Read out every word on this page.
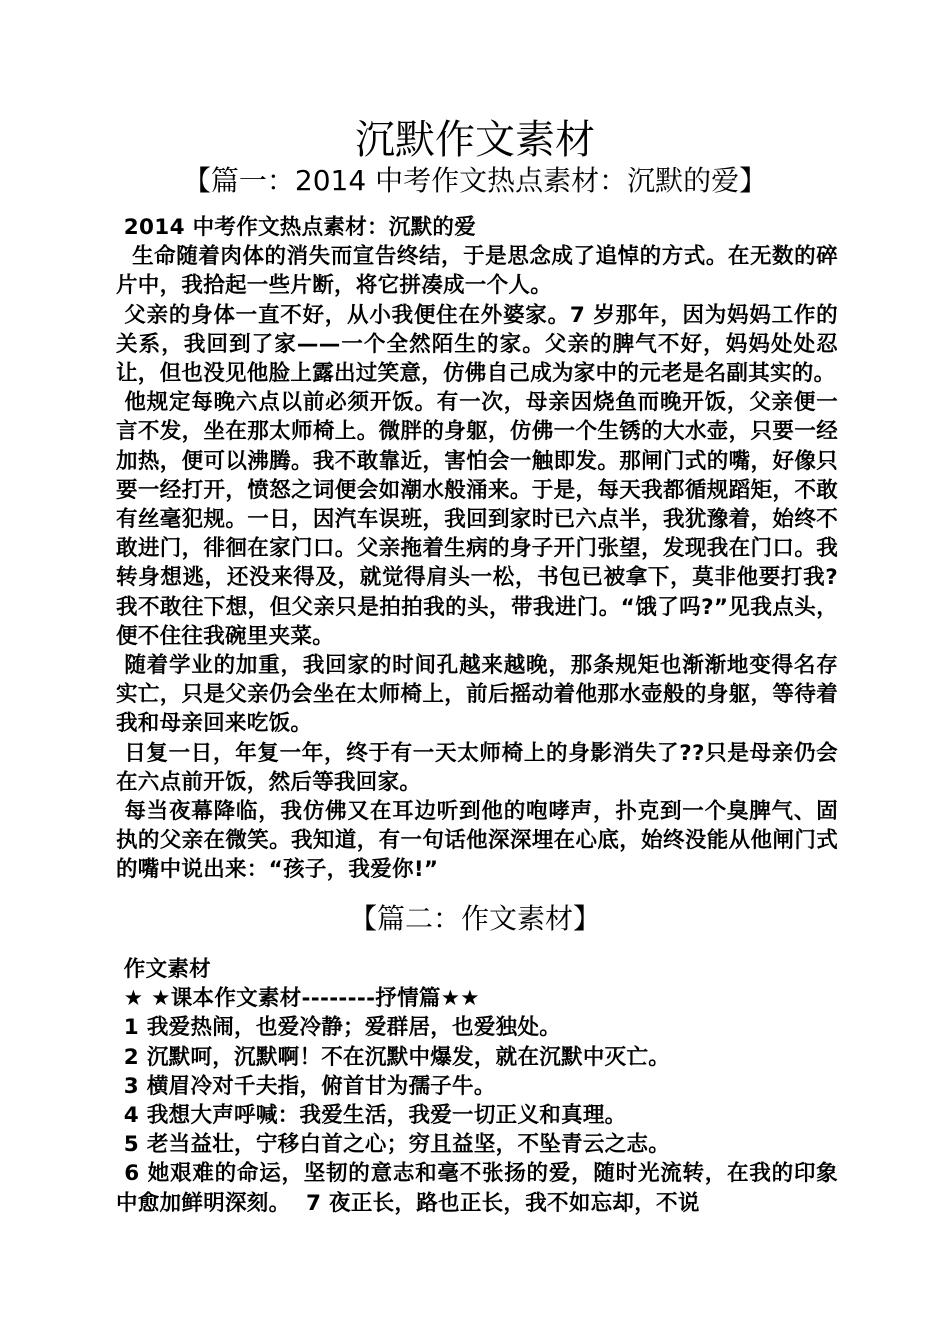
沉默作文素材
【篇一：2014 中考作文热点素材：沉默的爱】
2014 中考作文热点素材：沉默的爱
生命随着肉体的消失而宣告终结，于是思念成了追悼的方式。在无数的碎片中，我拾起一些片断，将它拼凑成一个人。
父亲的身体一直不好，从小我便住在外婆家。7 岁那年，因为妈妈工作的关系，我回到了家——一个全然陌生的家。父亲的脾气不好，妈妈处处忍让，但也没见他脸上露出过笑意，仿佛自己成为家中的元老是名副其实的。
他规定每晚六点以前必须开饭。有一次，母亲因烧鱼而晚开饭，父亲便一言不发，坐在那太师椅上。微胖的身躯，仿佛一个生锈的大水壶，只要一经加热，便可以沸腾。我不敢靠近，害怕会一触即发。那闸门式的嘴，好像只要一经打开，愤怒之词便会如潮水般涌来。于是，每天我都循规蹈矩，不敢有丝毫犯规。一日，因汽车误班，我回到家时已六点半，我犹豫着，始终不敢进门，徘徊在家门口。父亲拖着生病的身子开门张望，发现我在门口。我转身想逃，还没来得及，就觉得肩头一松，书包已被拿下，莫非他要打我?我不敢往下想，但父亲只是拍拍我的头，带我进门。“饿了吗?”见我点头，便不住往我碗里夹菜。
随着学业的加重，我回家的时间孔越来越晚，那条规矩也渐渐地变得名存实亡，只是父亲仍会坐在太师椅上，前后摇动着他那水壶般的身躯，等待着我和母亲回来吃饭。
日复一日，年复一年，终于有一天太师椅上的身影消失了??只是母亲仍会在六点前开饭，然后等我回家。
每当夜幕降临，我仿佛又在耳边听到他的咆哮声，扑克到一个臭脾气、固执的父亲在微笑。我知道，有一句话他深深埋在心底，始终没能从他闸门式的嘴中说出来：“孩子，我爱你!”
【篇二：作文素材】
作文素材
★ ★课本作文素材--------抒情篇★★
1 我爱热闹，也爱冷静；爱群居，也爱独处。
2 沉默呵，沉默啊！不在沉默中爆发，就在沉默中灭亡。
3 横眉冷对千夫指，俯首甘为孺子牛。
4 我想大声呼喊：我爱生活，我爱一切正义和真理。
5 老当益壮，宁移白首之心；穷且益坚，不坠青云之志。
6 她艰难的命运，坚韧的意志和毫不张扬的爱，随时光流转，在我的印象中愈加鲜明深刻。  7 夜正长，路也正长，我不如忘却，不说
